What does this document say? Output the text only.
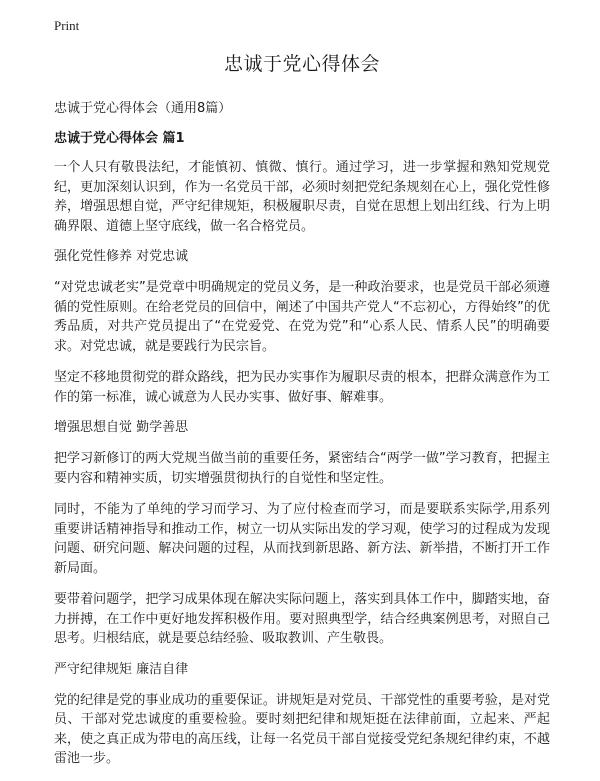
Print
忠诚于党心得体会
忠诚于党心得体会（通用8篇）
忠诚于党心得体会 篇1
一个人只有敬畏法纪，才能慎初、慎微、慎行。通过学习，进一步掌握和熟知党规党纪，更加深刻认识到，作为一名党员干部，必须时刻把党纪条规刻在心上，强化党性修养，增强思想自觉，严守纪律规矩，积极履职尽责，自觉在思想上划出红线、行为上明确界限、道德上坚守底线，做一名合格党员。
强化党性修养 对党忠诚
“对党忠诚老实”是党章中明确规定的党员义务，是一种政治要求，也是党员干部必须遵循的党性原则。在给老党员的回信中，阐述了中国共产党人“不忘初心，方得始终”的优秀品质，对共产党员提出了“在党爱党、在党为党”和“心系人民、情系人民”的明确要求。对党忠诚，就是要践行为民宗旨。
坚定不移地贯彻党的群众路线，把为民办实事作为履职尽责的根本，把群众满意作为工作的第一标准，诚心诚意为人民办实事、做好事、解难事。
增强思想自觉 勤学善思
把学习新修订的两大党规当做当前的重要任务，紧密结合“两学一做”学习教育，把握主要内容和精神实质，切实增强贯彻执行的自觉性和坚定性。
同时，不能为了单纯的学习而学习、为了应付检查而学习，而是要联系实际学,用系列重要讲话精神指导和推动工作，树立一切从实际出发的学习观，使学习的过程成为发现问题、研究问题、解决问题的过程，从而找到新思路、新方法、新举措，不断打开工作新局面。
要带着问题学，把学习成果体现在解决实际问题上，落实到具体工作中，脚踏实地，奋力拼搏，在工作中更好地发挥积极作用。要对照典型学，结合经典案例思考，对照自己思考。归根结底，就是要总结经验、吸取教训、产生敬畏。
严守纪律规矩 廉洁自律
党的纪律是党的事业成功的重要保证。讲规矩是对党员、干部党性的重要考验，是对党员、干部对党忠诚度的重要检验。要时刻把纪律和规矩挺在法律前面，立起来、严起来，使之真正成为带电的高压线，让每一名党员干部自觉接受党纪条规纪律约束，不越雷池一步。
